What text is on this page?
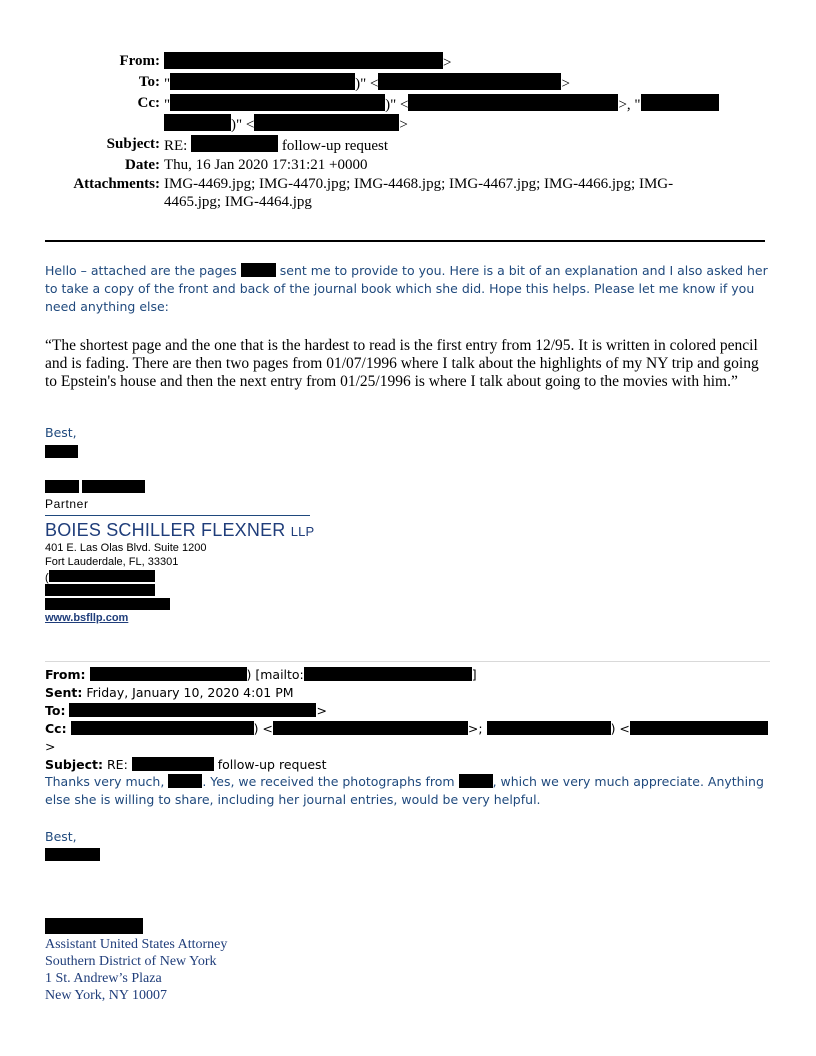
From:	>
To: "	)" <	>
Cc: "	)" <	>, "
)" <	>
Subject: RE:	follow-up request
Date: Thu, 16 Jan 2020 17:31:21 +0000
Attachments: IMG-4469.jpg; IMG-4470.jpg; IMG-4468.jpg; IMG-4467.jpg; IMG-4466.jpg; IMG-
4465.jpg; IMG-4464.jpg
Hello – attached are the pages	sent me to provide to you. Here is a bit of an explanation and I also asked her to take a copy of the front and back of the journal book which she did. Hope this helps. Please let me know if you need anything else:
“The shortest page and the one that is the hardest to read is the first entry from 12/95. It is written in colored pencil and is fading. There are then two pages from 01/07/1996 where I talk about the highlights of my NY trip and going to Epstein's house and then the next entry from 01/25/1996 is where I talk about going to the movies with him.”
Best,
Partner
BOIES SCHILLER FLEXNER LLP
401 E. Las Olas Blvd. Suite 1200
Fort Lauderdale, FL, 33301
(
www.bsfllp.com
From:	) [mailto:	]
Sent: Friday, January 10, 2020 4:01 PM
To:	>
Cc:	) <	>;	) <>
Subject: RE:	follow-up request
Thanks very much,	. Yes, we received the photographs from	, which we very much appreciate. Anything else she is willing to share, including her journal entries, would be very helpful.
Best,
Assistant United States Attorney
Southern District of New York
1 St. Andrew’s Plaza
New York, NY 10007
